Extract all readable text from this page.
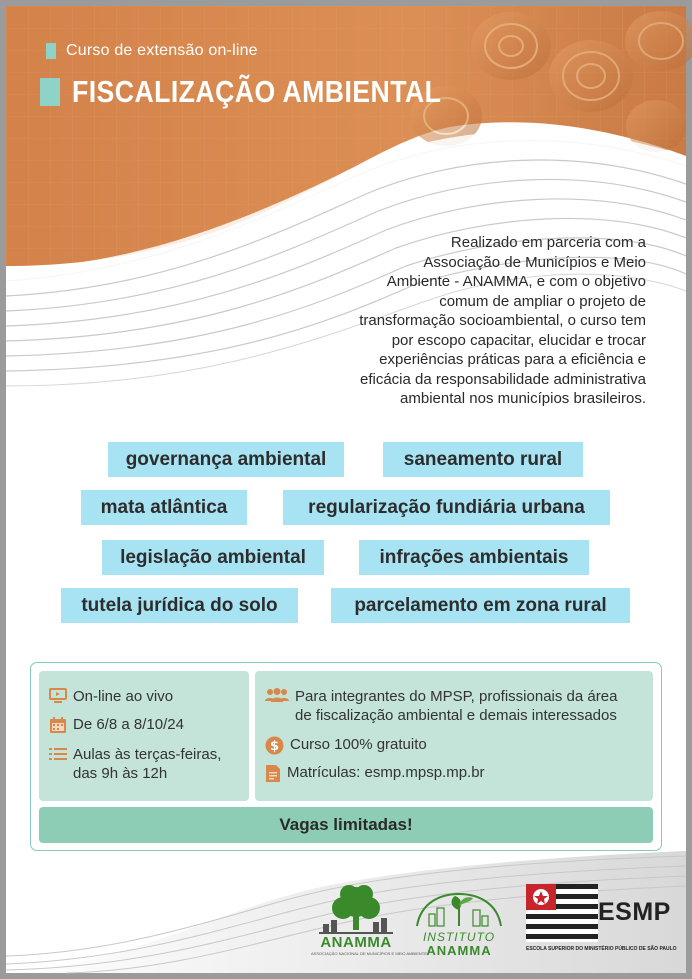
Curso de extensão on-line
FISCALIZAÇÃO AMBIENTAL
Realizado em parceria com a
Associação de Municípios e Meio
Ambiente - ANAMMA, e com o objetivo
comum de ampliar o projeto de
transformação socioambiental, o curso tem
por escopo capacitar, elucidar e trocar
experiências práticas para a eficiência e
eficácia da responsabilidade administrativa
ambiental nos municípios brasileiros.
governança ambiental	saneamento rural
mata atlântica	regularização fundiária urbana
legislação ambiental	infrações ambientais
tutela jurídica do solo	parcelamento em zona rural
On-line ao vivo
De 6/8 a 8/10/24
Aulas às terças-feiras,
das 9h às 12h
Para integrantes do MPSP, profissionais da área
de fiscalização ambiental e demais interessados
$ Curso 100% gratuito
Matrículas: esmp.mpsp.mp.br
Vagas limitadas!
ANAMMA
ASSOCIAÇÃO NACIONAL DE MUNICÍPIOS E MEIO AMBIENTE
INSTITUTO
ANAMMA
ESMP
ESCOLA SUPERIOR DO MINISTÉRIO PÚBLICO DE SÃO PAULO
